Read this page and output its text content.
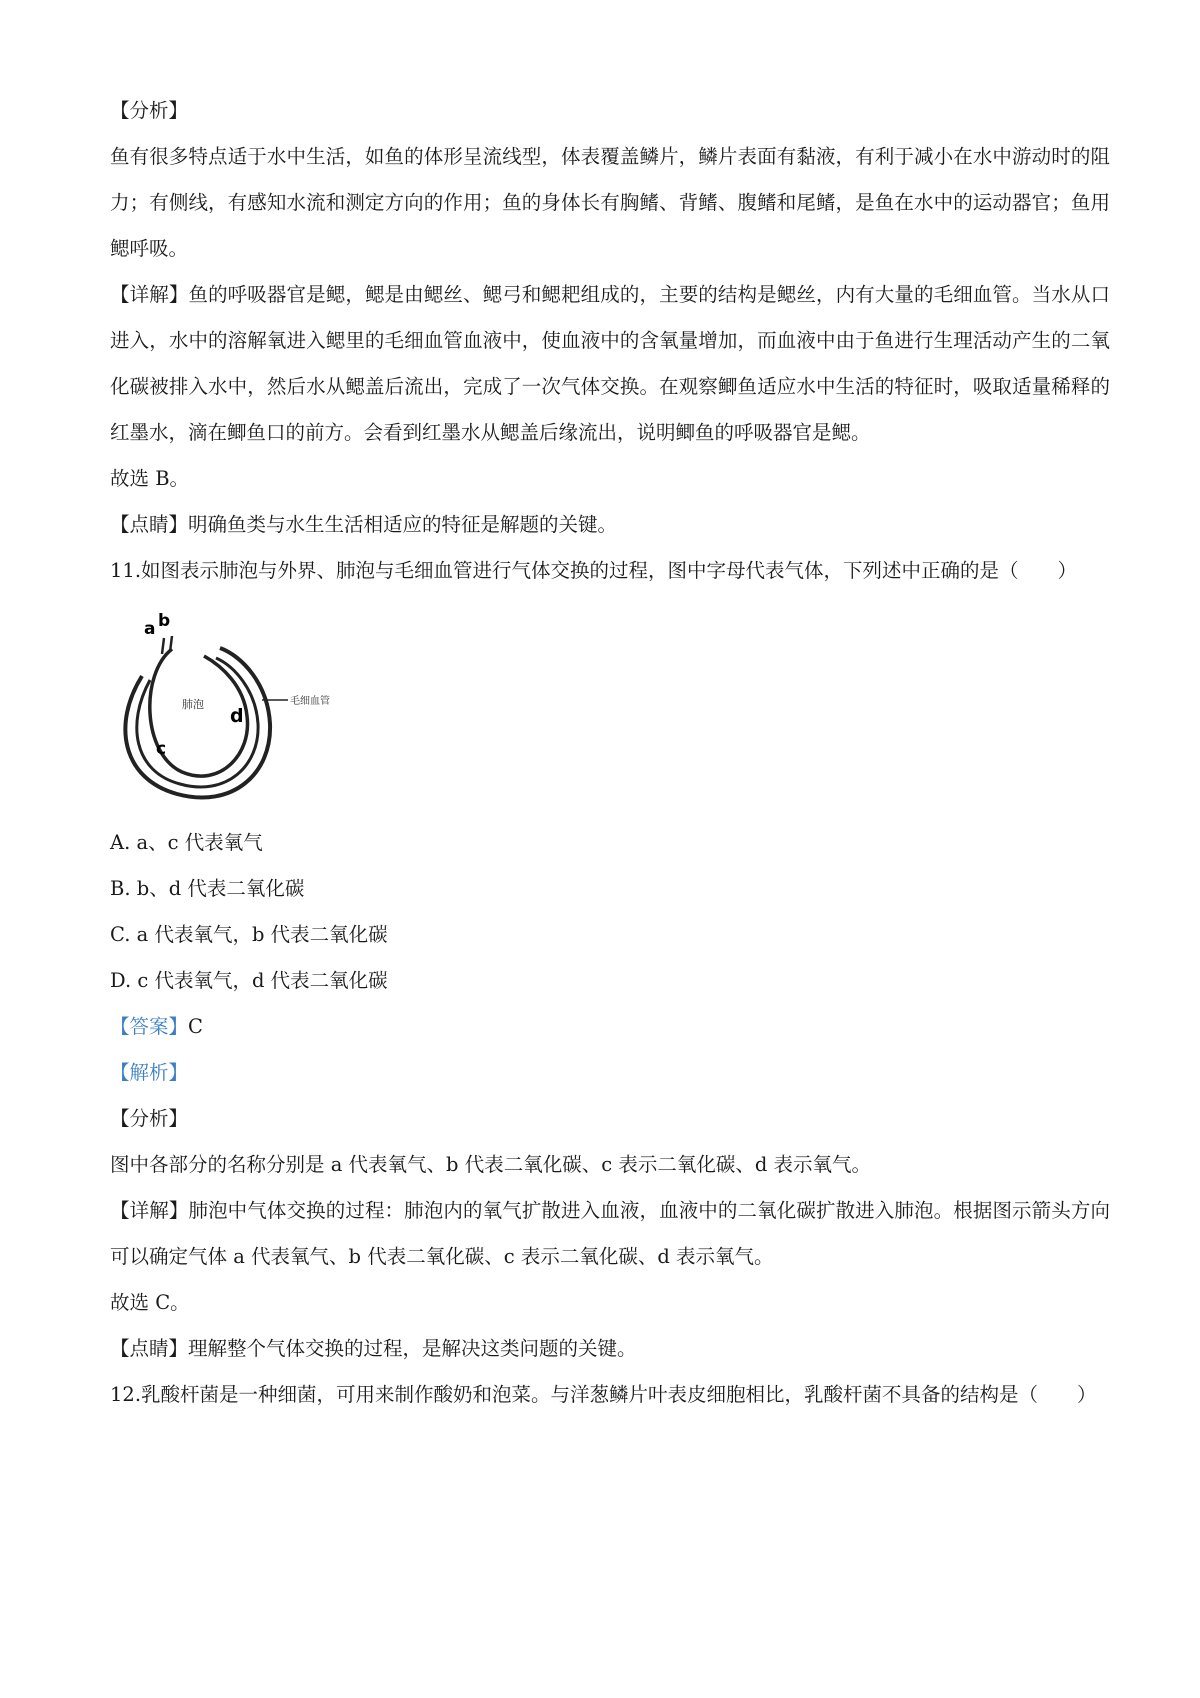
【分析】

鱼有很多特点适于水中生活，如鱼的体形呈流线型，体表覆盖鳞片，鳞片表面有黏液，有利于减小在水中游动时的阻力；有侧线，有感知水流和测定方向的作用；鱼的身体长有胸鳍、背鳍、腹鳍和尾鳍，是鱼在水中的运动器官；鱼用鳃呼吸。

【详解】鱼的呼吸器官是鳃，鳃是由鳃丝、鳃弓和鳃耙组成的，主要的结构是鳃丝，内有大量的毛细血管。当水从口进入，水中的溶解氧进入鳃里的毛细血管血液中，使血液中的含氧量增加，而血液中由于鱼进行生理活动产生的二氧化碳被排入水中，然后水从鳃盖后流出，完成了一次气体交换。在观察鲫鱼适应水中生活的特征时，吸取适量稀释的红墨水，滴在鲫鱼口的前方。会看到红墨水从鳃盖后缘流出，说明鲫鱼的呼吸器官是鳃。

故选 B。

【点睛】明确鱼类与水生生活相适应的特征是解题的关键。

11.如图表示肺泡与外界、肺泡与毛细血管进行气体交换的过程，图中字母代表气体，下列述中正确的是（　　）

a b
肺泡
d
c
毛细血管

A. a、c 代表氧气

B. b、d 代表二氧化碳

C. a 代表氧气，b 代表二氧化碳

D. c 代表氧气，d 代表二氧化碳

【答案】C

【解析】

【分析】

图中各部分的名称分别是 a 代表氧气、b 代表二氧化碳、c 表示二氧化碳、d 表示氧气。

【详解】肺泡中气体交换的过程：肺泡内的氧气扩散进入血液，血液中的二氧化碳扩散进入肺泡。根据图示箭头方向可以确定气体 a 代表氧气、b 代表二氧化碳、c 表示二氧化碳、d 表示氧气。

故选 C。

【点睛】理解整个气体交换的过程，是解决这类问题的关键。

12.乳酸杆菌是一种细菌，可用来制作酸奶和泡菜。与洋葱鳞片叶表皮细胞相比，乳酸杆菌不具备的结构是（　　）
